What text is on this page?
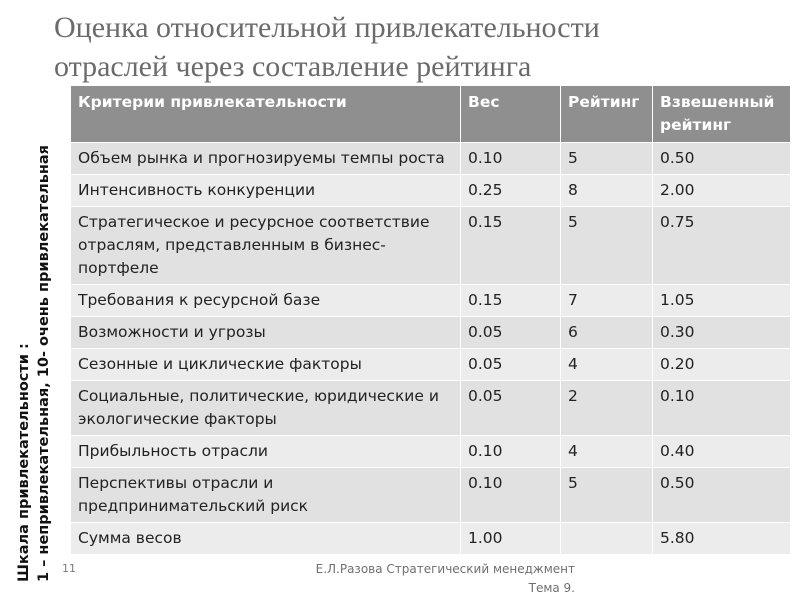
Оценка относительной привлекательности
отраслей через составление рейтинга
Шкала привлекательности : 1 – непривлекательная, 10- очень привлекательная
Критерии привлекательности	Вес	Рейтинг	Взвешенный рейтинг
Объем рынка и прогнозируемы темпы роста	0.10	5	0.50
Интенсивность конкуренции	0.25	8	2.00
Стратегическое и ресурсное соответствие отраслям, представленным в бизнес-портфеле	0.15	5	0.75
Требования к ресурсной базе	0.15	7	1.05
Возможности и угрозы	0.05	6	0.30
Сезонные и циклические факторы	0.05	4	0.20
Социальные, политические, юридические и экологические факторы	0.05	2	0.10
Прибыльность отрасли	0.10	4	0.40
Перспективы отрасли и предпринимательский риск	0.10	5	0.50
Сумма весов	1.00		5.80
11	Е.Л.Разова Стратегический менеджмент
Тема 9.
